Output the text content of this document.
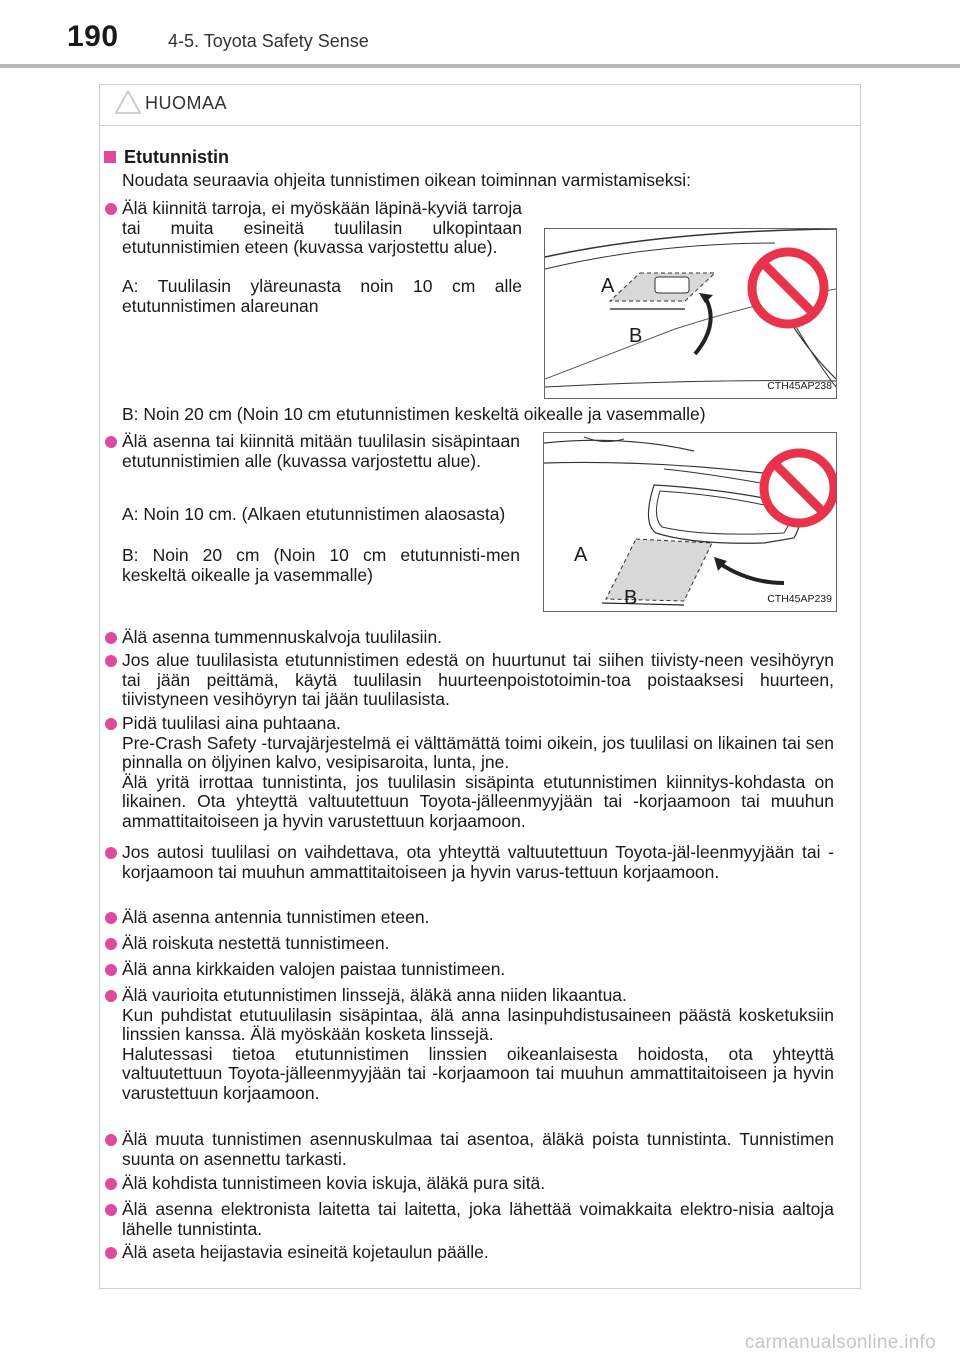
190	4-5. Toyota Safety Sense
HUOMAA
Etutunnistin
Noudata seuraavia ohjeita tunnistimen oikean toiminnan varmistamiseksi:
Älä kiinnitä tarroja, ei myöskään läpinä-kyviä tarroja tai muita esineitä tuulilasin ulkopintaan etutunnistimien eteen (kuvassa varjostettu alue).
A: Tuulilasin yläreunasta noin 10 cm alle etutunnistimen alareunan
A
B
CTH45AP238
B: Noin 20 cm (Noin 10 cm etutunnistimen keskeltä oikealle ja vasemmalle)
Älä asenna tai kiinnitä mitään tuulilasin sisäpintaan etutunnistimien alle (kuvassa varjostettu alue).
A: Noin 10 cm. (Alkaen etutunnistimen alaosasta)
B: Noin 20 cm (Noin 10 cm etutunnisti-men keskeltä oikealle ja vasemmalle)
A
B	CTH45AP239
Älä asenna tummennuskalvoja tuulilasiin.
Jos alue tuulilasista etutunnistimen edestä on huurtunut tai siihen tiivisty-neen vesihöyryn tai jään peittämä, käytä tuulilasin huurteenpoistotoimin-toa poistaaksesi huurteen, tiivistyneen vesihöyryn tai jään tuulilasista.
Pidä tuulilasi aina puhtaana.
Pre-Crash Safety -turvajärjestelmä ei välttämättä toimi oikein, jos tuulilasi on likainen tai sen pinnalla on öljyinen kalvo, vesipisaroita, lunta, jne.
Älä yritä irrottaa tunnistinta, jos tuulilasin sisäpinta etutunnistimen kiinnitys-kohdasta on likainen. Ota yhteyttä valtuutettuun Toyota-jälleenmyyjään tai -korjaamoon tai muuhun ammattitaitoiseen ja hyvin varustettuun korjaamoon.
Jos autosi tuulilasi on vaihdettava, ota yhteyttä valtuutettuun Toyota-jäl-leenmyyjään tai -korjaamoon tai muuhun ammattitaitoiseen ja hyvin varus-tettuun korjaamoon.
Älä asenna antennia tunnistimen eteen.
Älä roiskuta nestettä tunnistimeen.
Älä anna kirkkaiden valojen paistaa tunnistimeen.
Älä vaurioita etutunnistimen linssejä, äläkä anna niiden likaantua.
Kun puhdistat etutuulilasin sisäpintaa, älä anna lasinpuhdistusaineen päästä kosketuksiin linssien kanssa. Älä myöskään kosketa linssejä.
Halutessasi tietoa etutunnistimen linssien oikeanlaisesta hoidosta, ota yhteyttä valtuutettuun Toyota-jälleenmyyjään tai -korjaamoon tai muuhun ammattitaitoiseen ja hyvin varustettuun korjaamoon.
Älä muuta tunnistimen asennuskulmaa tai asentoa, äläkä poista tunnistinta. Tunnistimen suunta on asennettu tarkasti.
Älä kohdista tunnistimeen kovia iskuja, äläkä pura sitä.
Älä asenna elektronista laitetta tai laitetta, joka lähettää voimakkaita elektro-nisia aaltoja lähelle tunnistinta.
Älä aseta heijastavia esineitä kojetaulun päälle.
carmanualsonline.info
